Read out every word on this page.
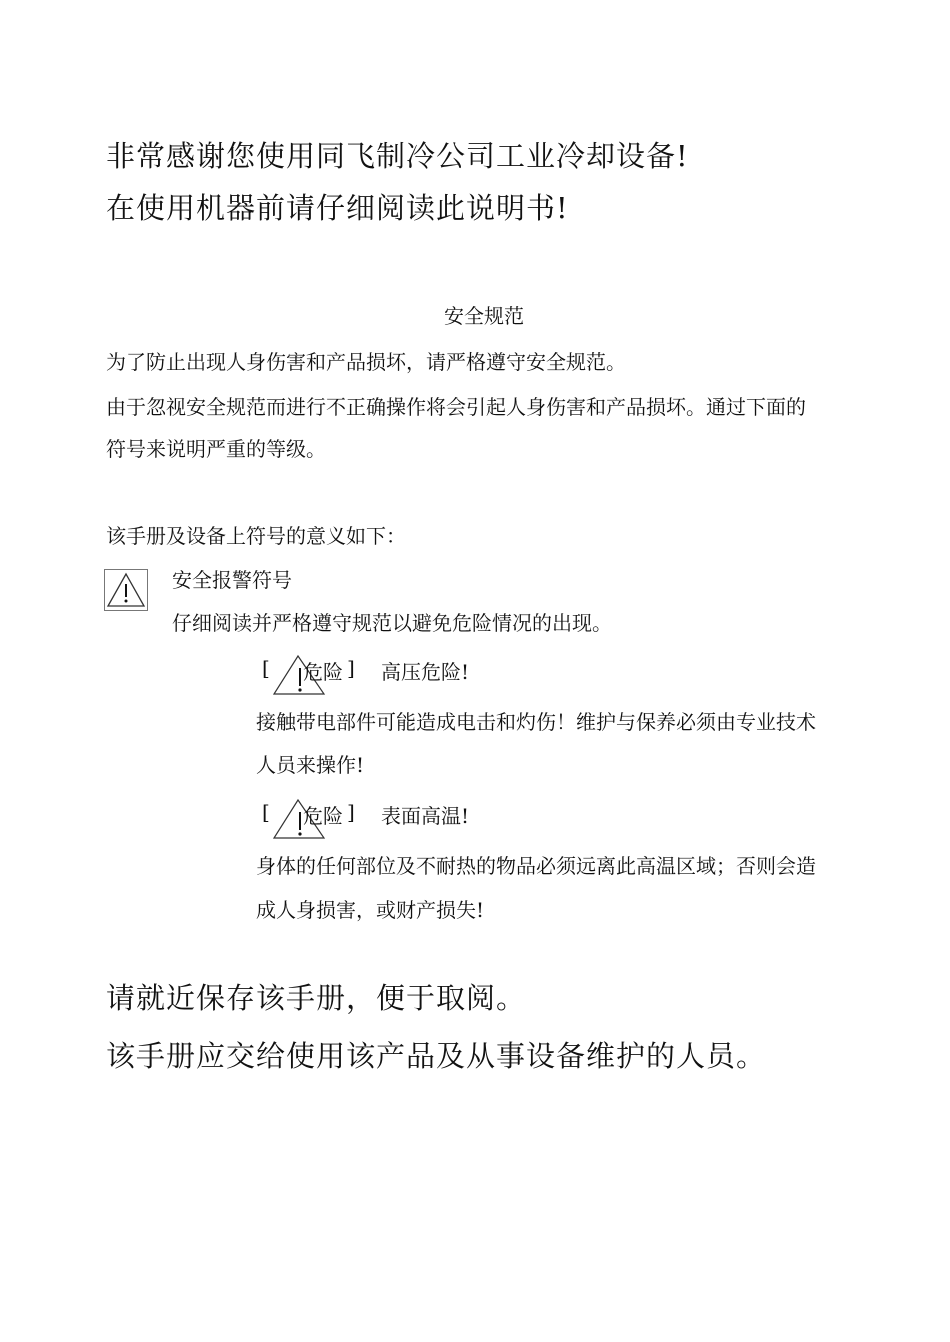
非常感谢您使用同飞制冷公司工业冷却设备!
在使用机器前请仔细阅读此说明书!
安全规范
为了防止出现人身伤害和产品损坏，请严格遵守安全规范。
由于忽视安全规范而进行不正确操作将会引起人身伤害和产品损坏。通过下面的
符号来说明严重的等级。
该手册及设备上符号的意义如下：
安全报警符号
仔细阅读并严格遵守规范以避免危险情况的出现。
[ 危险 ] 高压危险!
接触带电部件可能造成电击和灼伤！维护与保养必须由专业技术
人员来操作!
[ 危险 ] 表面高温!
身体的任何部位及不耐热的物品必须远离此高温区域；否则会造
成人身损害，或财产损失!
请就近保存该手册，便于取阅。
该手册应交给使用该产品及从事设备维护的人员。
